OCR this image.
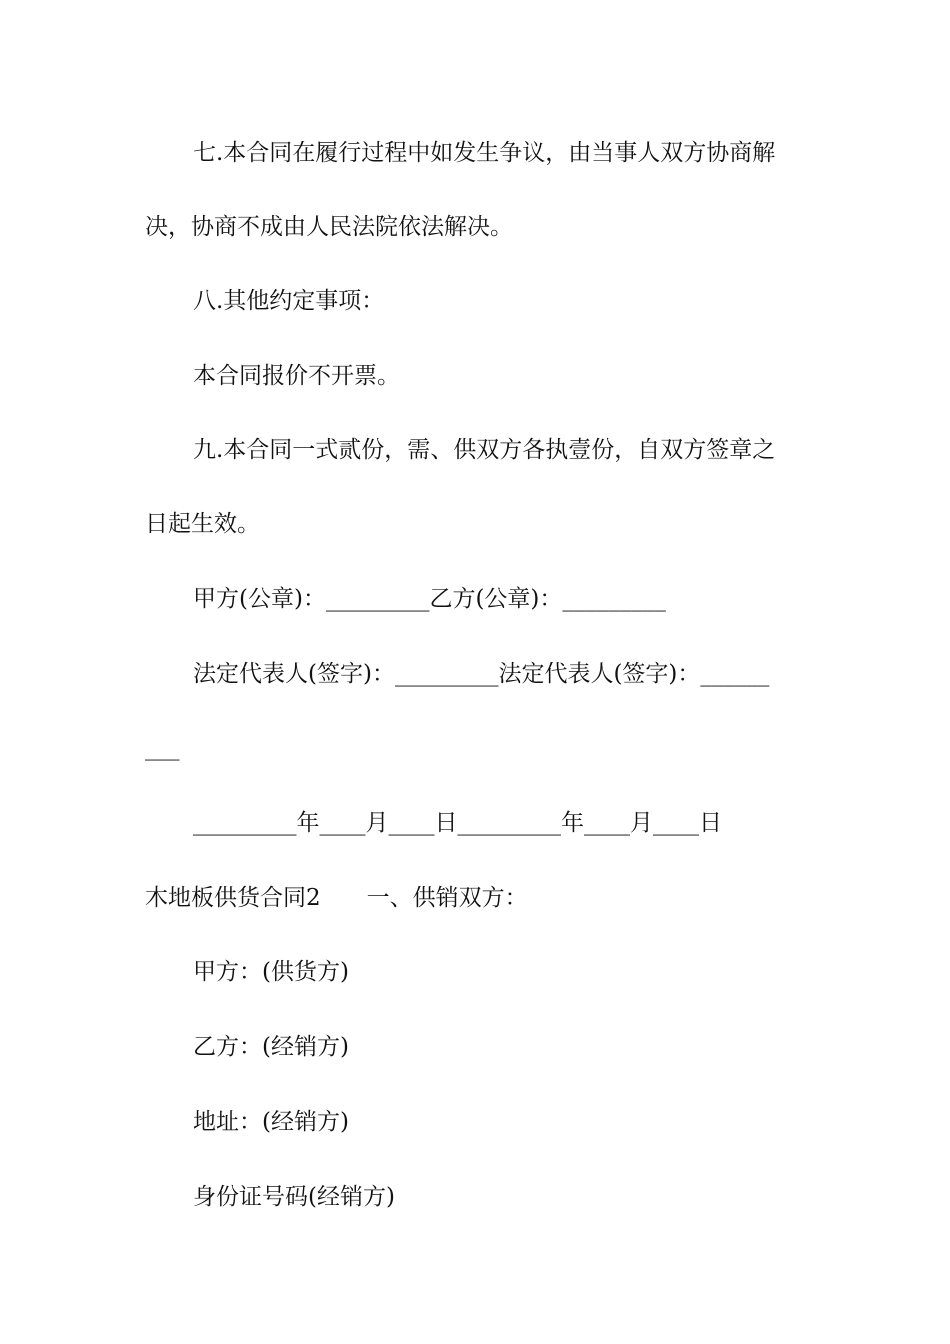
七.本合同在履行过程中如发生争议，由当事人双方协商解
决，协商不成由人民法院依法解决。
八.其他约定事项：
本合同报价不开票。
九.本合同一式贰份，需、供双方各执壹份，自双方签章之
日起生效。
甲方(公章)：_________乙方(公章)：_________
法定代表人(签字)：_________法定代表人(签字)：______
___
_________年____月____日_________年____月____日
木地板供货合同2　　一、供销双方：
甲方：(供货方)
乙方：(经销方)
地址：(经销方)
身份证号码(经销方)
